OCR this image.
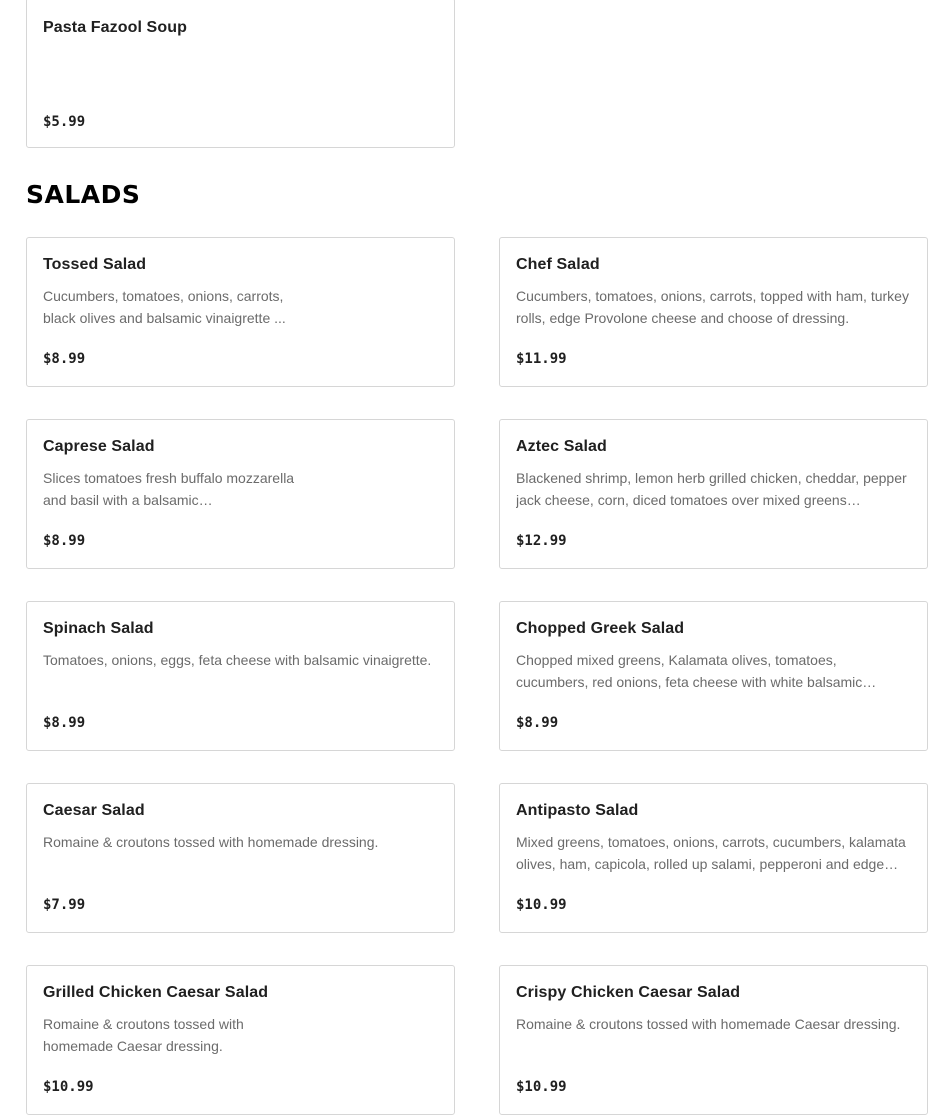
Pasta Fazool Soup
$5.99
SALADS
Tossed Salad
Cucumbers, tomatoes, onions, carrots, black olives and balsamic vinaigrette ...
$8.99
Chef Salad
Cucumbers, tomatoes, onions, carrots, topped with ham, turkey rolls, edge Provolone cheese and choose of dressing.
$11.99
Caprese Salad
Slices tomatoes fresh buffalo mozzarella and basil with a balsamic…
$8.99
Aztec Salad
Blackened shrimp, lemon herb grilled chicken, cheddar, pepper jack cheese, corn, diced tomatoes over mixed greens…
$12.99
Spinach Salad
Tomatoes, onions, eggs, feta cheese with balsamic vinaigrette.
$8.99
Chopped Greek Salad
Chopped mixed greens, Kalamata olives, tomatoes, cucumbers, red onions, feta cheese with white balsamic…
$8.99
Caesar Salad
Romaine & croutons tossed with homemade dressing.
$7.99
Antipasto Salad
Mixed greens, tomatoes, onions, carrots, cucumbers, kalamata olives, ham, capicola, rolled up salami, pepperoni and edge…
$10.99
Grilled Chicken Caesar Salad
Romaine & croutons tossed with homemade Caesar dressing.
$10.99
Crispy Chicken Caesar Salad
Romaine & croutons tossed with homemade Caesar dressing.
$10.99
